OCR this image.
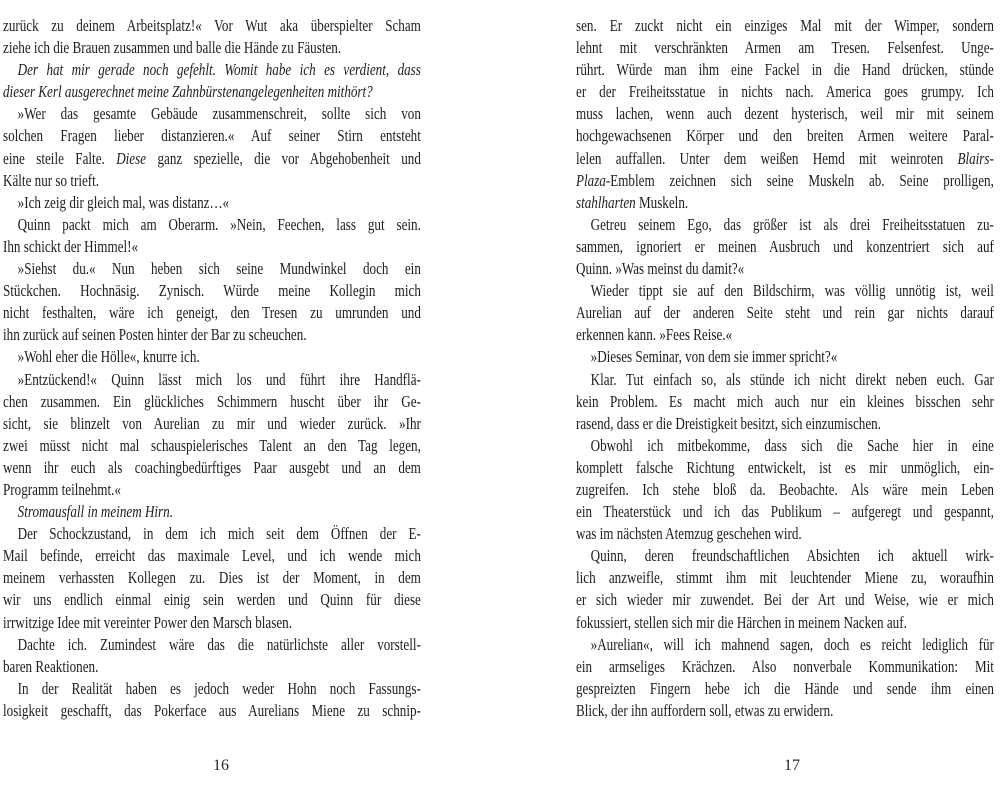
zurück zu deinem Arbeitsplatz!« Vor Wut aka überspielter Scham
ziehe ich die Brauen zusammen und balle die Hände zu Fäusten.
Der hat mir gerade noch gefehlt. Womit habe ich es verdient, dass
dieser Kerl ausgerechnet meine Zahnbürstenangelegenheiten mithört?
»Wer das gesamte Gebäude zusammenschreit, sollte sich von
solchen Fragen lieber distanzieren.« Auf seiner Stirn entsteht
eine steile Falte. Diese ganz spezielle, die vor Abgehobenheit und
Kälte nur so trieft.
»Ich zeig dir gleich mal, was distanz…«
Quinn packt mich am Oberarm. »Nein, Feechen, lass gut sein.
Ihn schickt der Himmel!«
»Siehst du.« Nun heben sich seine Mundwinkel doch ein
Stückchen. Hochnäsig. Zynisch. Würde meine Kollegin mich
nicht festhalten, wäre ich geneigt, den Tresen zu umrunden und
ihn zurück auf seinen Posten hinter der Bar zu scheuchen.
»Wohl eher die Hölle«, knurre ich.
»Entzückend!« Quinn lässt mich los und führt ihre Handflä-
chen zusammen. Ein glückliches Schimmern huscht über ihr Ge-
sicht, sie blinzelt von Aurelian zu mir und wieder zurück. »Ihr
zwei müsst nicht mal schauspielerisches Talent an den Tag legen,
wenn ihr euch als coachingbedürftiges Paar ausgebt und an dem
Programm teilnehmt.«
Stromausfall in meinem Hirn.
Der Schockzustand, in dem ich mich seit dem Öffnen der E-
Mail befinde, erreicht das maximale Level, und ich wende mich
meinem verhassten Kollegen zu. Dies ist der Moment, in dem
wir uns endlich einmal einig sein werden und Quinn für diese
irrwitzige Idee mit vereinter Power den Marsch blasen.
Dachte ich. Zumindest wäre das die natürlichste aller vorstell-
baren Reaktionen.
In der Realität haben es jedoch weder Hohn noch Fassungs-
losigkeit geschafft, das Pokerface aus Aurelians Miene zu schnip-
sen. Er zuckt nicht ein einziges Mal mit der Wimper, sondern
lehnt mit verschränkten Armen am Tresen. Felsenfest. Unge-
rührt. Würde man ihm eine Fackel in die Hand drücken, stünde
er der Freiheitsstatue in nichts nach. America goes grumpy. Ich
muss lachen, wenn auch dezent hysterisch, weil mir mit seinem
hochgewachsenen Körper und den breiten Armen weitere Paral-
lelen auffallen. Unter dem weißen Hemd mit weinroten Blairs-
Plaza-Emblem zeichnen sich seine Muskeln ab. Seine prolligen,
stahlharten Muskeln.
Getreu seinem Ego, das größer ist als drei Freiheitsstatuen zu-
sammen, ignoriert er meinen Ausbruch und konzentriert sich auf
Quinn. »Was meinst du damit?«
Wieder tippt sie auf den Bildschirm, was völlig unnötig ist, weil
Aurelian auf der anderen Seite steht und rein gar nichts darauf
erkennen kann. »Fees Reise.«
»Dieses Seminar, von dem sie immer spricht?«
Klar. Tut einfach so, als stünde ich nicht direkt neben euch. Gar
kein Problem. Es macht mich auch nur ein kleines bisschen sehr
rasend, dass er die Dreistigkeit besitzt, sich einzumischen.
Obwohl ich mitbekomme, dass sich die Sache hier in eine
komplett falsche Richtung entwickelt, ist es mir unmöglich, ein-
zugreifen. Ich stehe bloß da. Beobachte. Als wäre mein Leben
ein Theaterstück und ich das Publikum – aufgeregt und gespannt,
was im nächsten Atemzug geschehen wird.
Quinn, deren freundschaftlichen Absichten ich aktuell wirk-
lich anzweifle, stimmt ihm mit leuchtender Miene zu, woraufhin
er sich wieder mir zuwendet. Bei der Art und Weise, wie er mich
fokussiert, stellen sich mir die Härchen in meinem Nacken auf.
»Aurelian«, will ich mahnend sagen, doch es reicht lediglich für
ein armseliges Krächzen. Also nonverbale Kommunikation: Mit
gespreizten Fingern hebe ich die Hände und sende ihm einen
Blick, der ihn auffordern soll, etwas zu erwidern.
16	17
